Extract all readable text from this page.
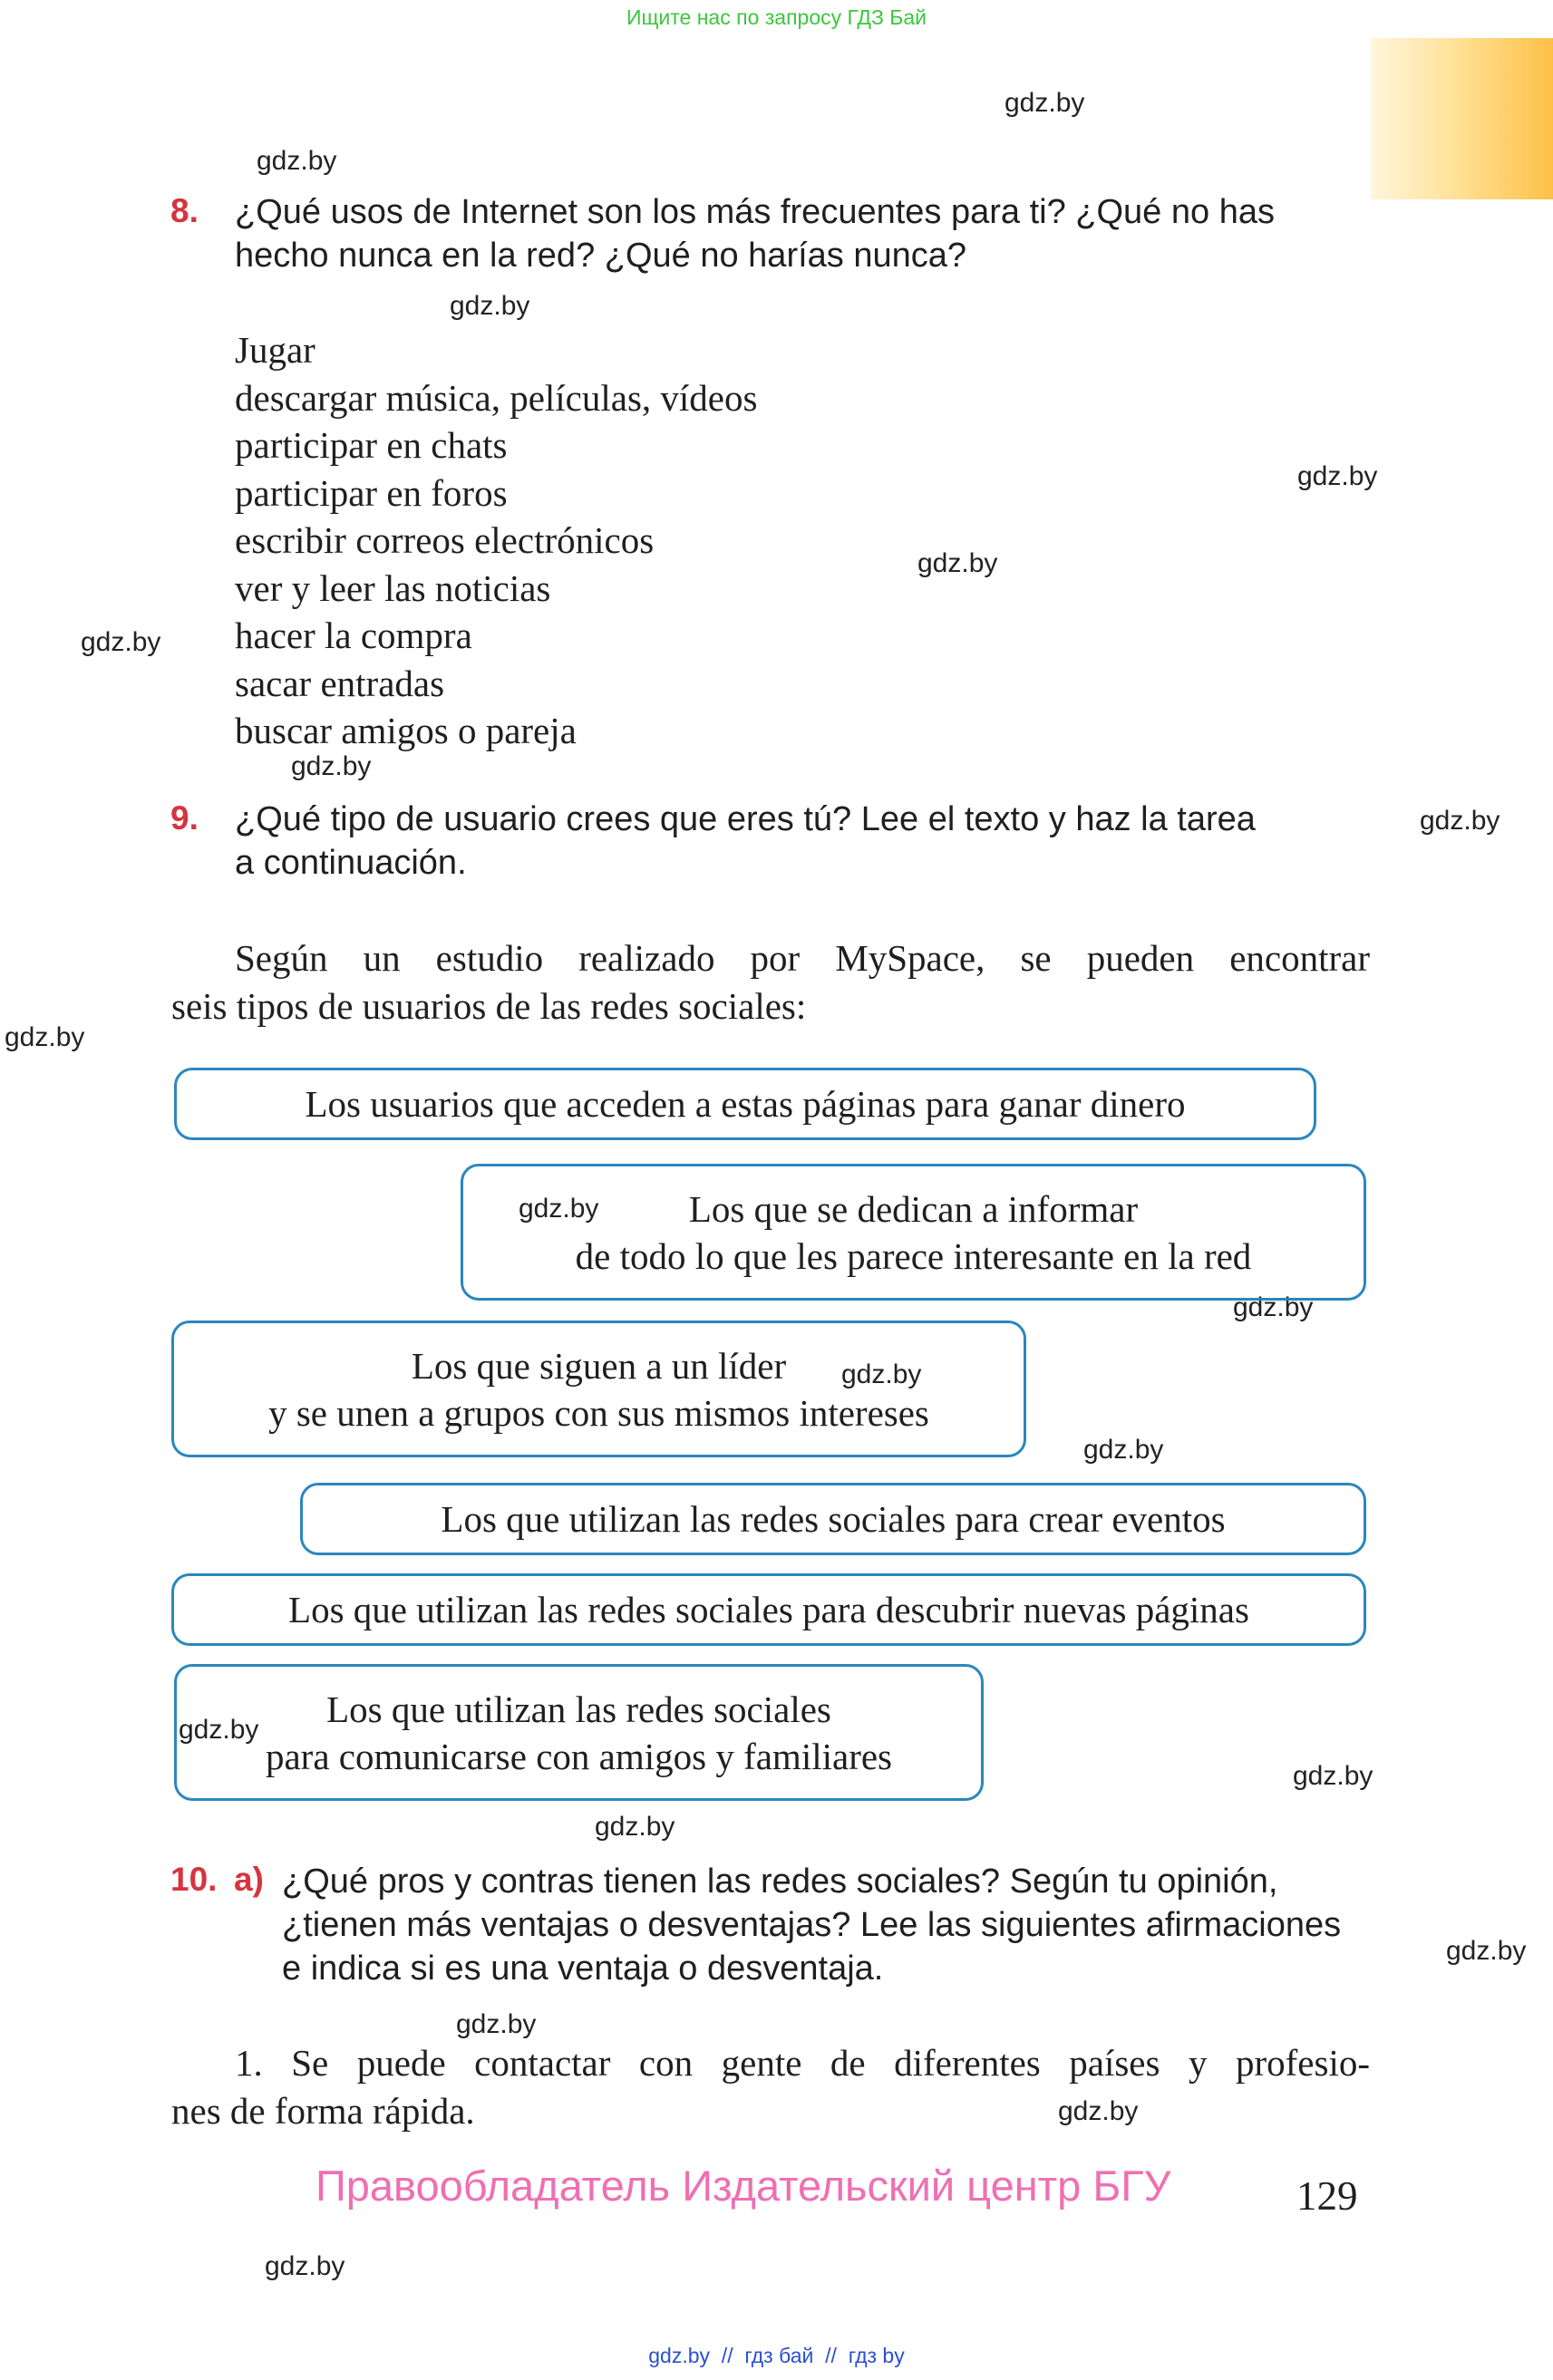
Ищите нас по запросу ГДЗ Бай
gdz.by
gdz.by
gdz.by
gdz.by
gdz.by
gdz.by
gdz.by
gdz.by
gdz.by
gdz.by
gdz.by
gdz.by
gdz.by
gdz.by
gdz.by
gdz.by
gdz.by
gdz.by
gdz.by
gdz.by
8. ¿Qué usos de Internet son los más frecuentes para ti? ¿Qué no has
hecho nunca en la red? ¿Qué no harías nunca?
Jugar
descargar música, películas, vídeos
participar en chats
participar en foros
escribir correos electrónicos
ver y leer las noticias
hacer la compra
sacar entradas
buscar amigos o pareja
9. ¿Qué tipo de usuario crees que eres tú? Lee el texto y haz la tarea
a continuación.
Según un estudio realizado por MySpace, se pueden encontrar
seis tipos de usuarios de las redes sociales:
Los usuarios que acceden a estas páginas para ganar dinero
Los que se dedican a informar
de todo lo que les parece interesante en la red
Los que siguen a un líder
y se unen a grupos con sus mismos intereses
Los que utilizan las redes sociales para crear eventos
Los que utilizan las redes sociales para descubrir nuevas páginas
Los que utilizan las redes sociales
para comunicarse con amigos y familiares
10. a) ¿Qué pros y contras tienen las redes sociales? Según tu opinión,
¿tienen más ventajas o desventajas? Lee las siguientes afirmaciones
e indica si es una ventaja o desventaja.
1. Se puede contactar con gente de diferentes países y profesio-
nes de forma rápida.
Правообладатель Издательский центр БГУ	129
gdz.by  //  гдз бай  //  гдз by
